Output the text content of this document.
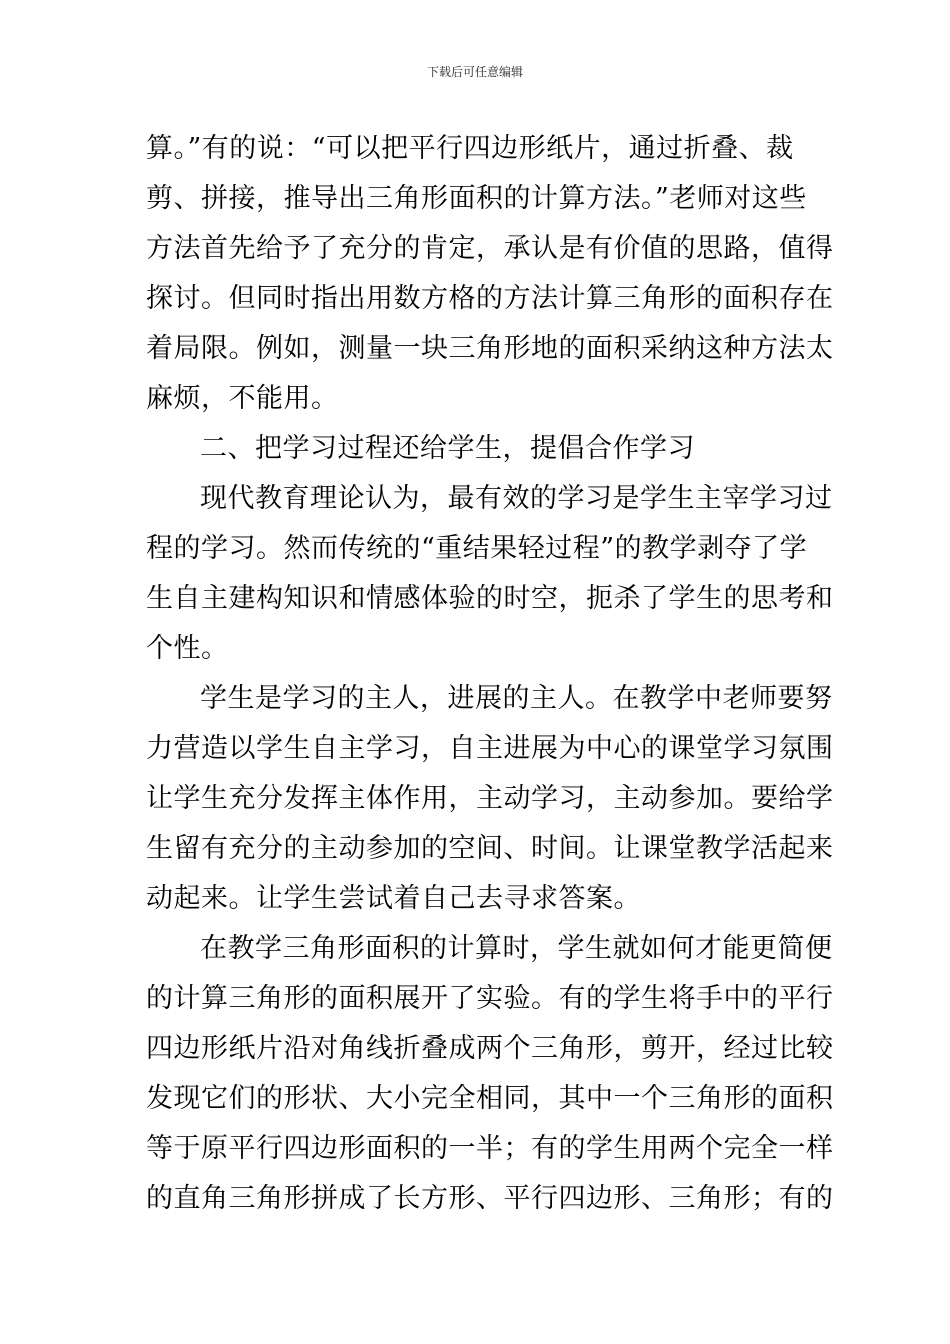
下载后可任意编辑
算。”有的说：“可以把平行四边形纸片，通过折叠、裁
剪、拼接，推导出三角形面积的计算方法。”老师对这些
方法首先给予了充分的肯定，承认是有价值的思路，值得
探讨。但同时指出用数方格的方法计算三角形的面积存在
着局限。例如，测量一块三角形地的面积采纳这种方法太
麻烦，不能用。
二、把学习过程还给学生，提倡合作学习
现代教育理论认为，最有效的学习是学生主宰学习过
程的学习。然而传统的“重结果轻过程”的教学剥夺了学
生自主建构知识和情感体验的时空，扼杀了学生的思考和
个性。
学生是学习的主人，进展的主人。在教学中老师要努
力营造以学生自主学习，自主进展为中心的课堂学习氛围
让学生充分发挥主体作用，主动学习，主动参加。要给学
生留有充分的主动参加的空间、时间。让课堂教学活起来
动起来。让学生尝试着自己去寻求答案。
在教学三角形面积的计算时，学生就如何才能更简便
的计算三角形的面积展开了实验。有的学生将手中的平行
四边形纸片沿对角线折叠成两个三角形，剪开，经过比较
发现它们的形状、大小完全相同，其中一个三角形的面积
等于原平行四边形面积的一半；有的学生用两个完全一样
的直角三角形拼成了长方形、平行四边形、三角形；有的
